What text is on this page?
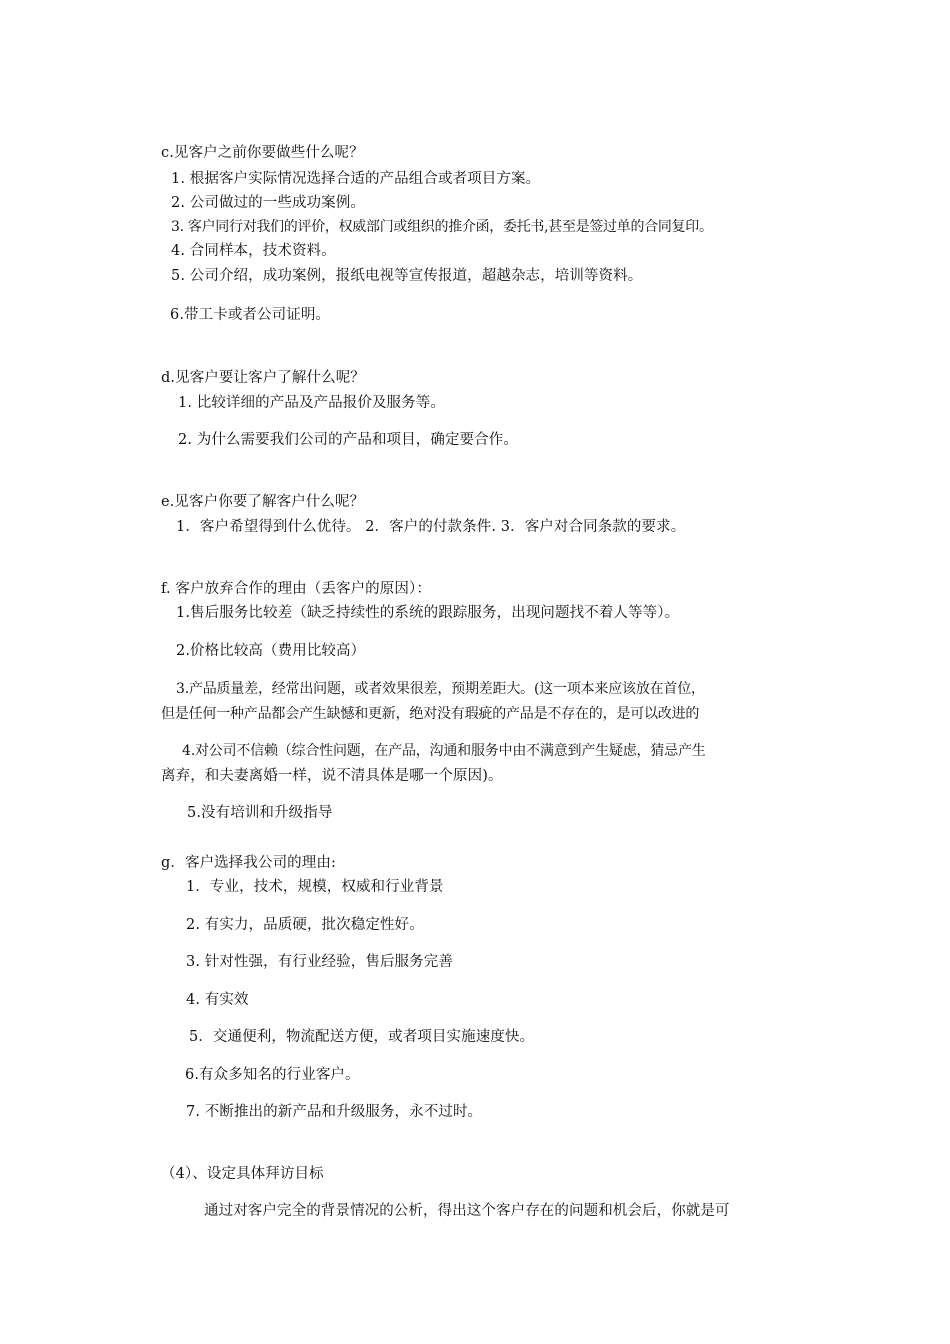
c.见客户之前你要做些什么呢？
1. 根据客户实际情况选择合适的产品组合或者项目方案。
2. 公司做过的一些成功案例。
3. 客户同行对我们的评价，权威部门或组织的推介函，委托书,甚至是签过单的合同复印。
4. 合同样本，技术资料。
5. 公司介绍，成功案例，报纸电视等宣传报道，超越杂志，培训等资料。
6.带工卡或者公司证明。
d.见客户要让客户了解什么呢？
1. 比较详细的产品及产品报价及服务等。
2. 为什么需要我们公司的产品和项目，确定要合作。
e.见客户你要了解客户什么呢？
1．客户希望得到什么优待。 2．客户的付款条件. 3．客户对合同条款的要求。
f. 客户放弃合作的理由（丢客户的原因）：
1.售后服务比较差（缺乏持续性的系统的跟踪服务，出现问题找不着人等等）。
2.价格比较高（费用比较高）
3.产品质量差，经常出问题，或者效果很差，预期差距大。(这一项本来应该放在首位，
但是任何一种产品都会产生缺憾和更新，绝对没有瑕疵的产品是不存在的，是可以改进的
4.对公司不信赖（综合性问题，在产品，沟通和服务中由不满意到产生疑虑，猜忌产生
离弃，和夫妻离婚一样，说不清具体是哪一个原因)。
5.没有培训和升级指导
g．客户选择我公司的理由:
1．专业，技术，规模，权威和行业背景
2. 有实力，品质硬，批次稳定性好。
3. 针对性强，有行业经验，售后服务完善
4. 有实效
5．交通便利，物流配送方便，或者项目实施速度快。
6.有众多知名的行业客户。
7. 不断推出的新产品和升级服务，永不过时。
（4）、设定具体拜访目标
通过对客户完全的背景情况的公析，得出这个客户存在的问题和机会后，你就是可
